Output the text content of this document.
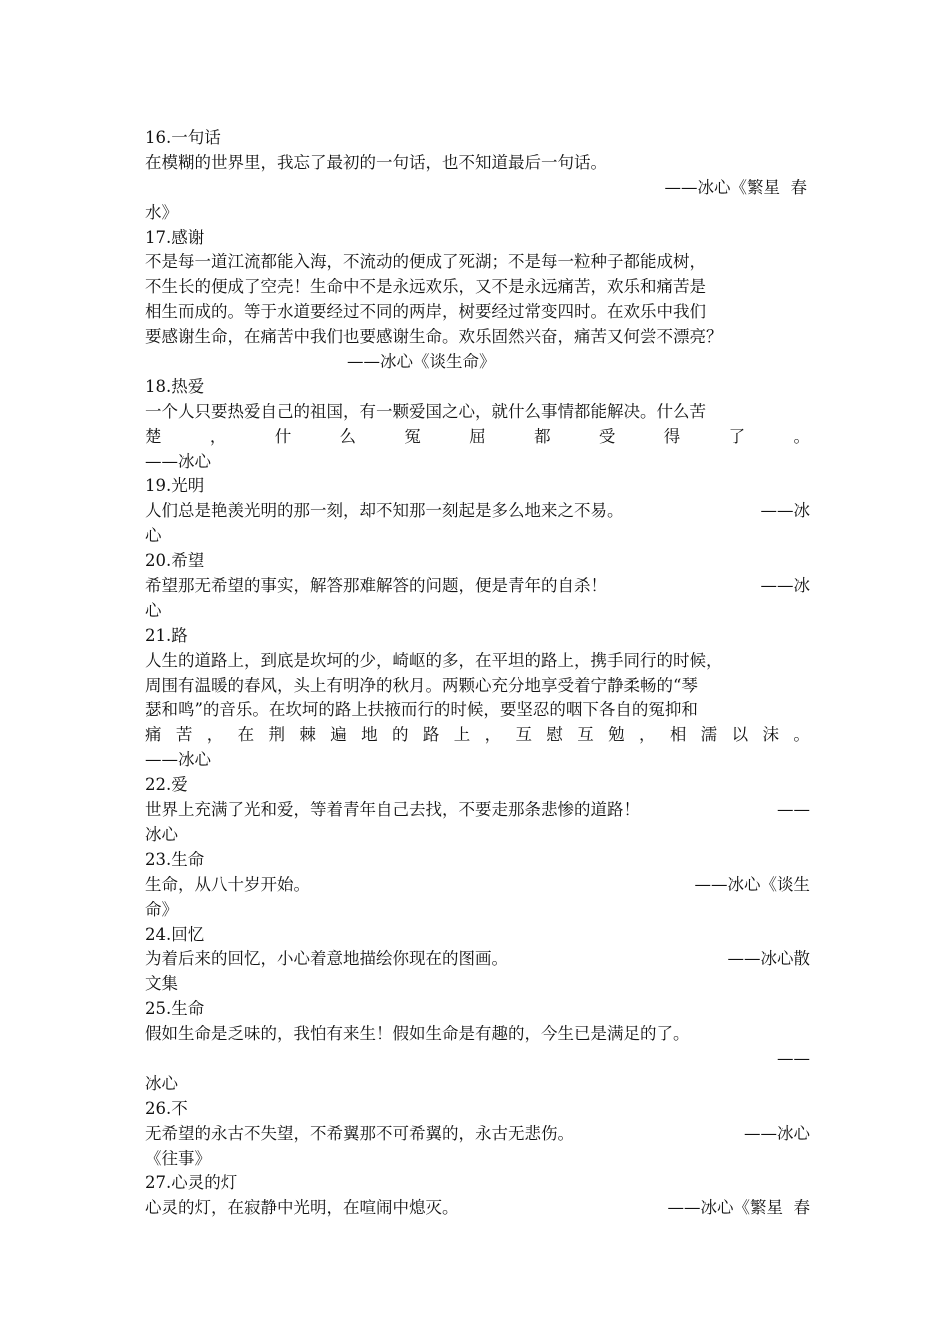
16.一句话
在模糊的世界里，我忘了最初的一句话，也不知道最后一句话。
——冰心《繁星  春
水》
17.感谢
不是每一道江流都能入海，不流动的便成了死湖；不是每一粒种子都能成树，
不生长的便成了空壳！生命中不是永远欢乐，又不是永远痛苦，欢乐和痛苦是
相生而成的。等于水道要经过不同的两岸，树要经过常变四时。在欢乐中我们
要感谢生命，在痛苦中我们也要感谢生命。欢乐固然兴奋，痛苦又何尝不漂亮？
——冰心《谈生命》
18.热爱
一个人只要热爱自己的祖国，有一颗爱国之心，就什么事情都能解决。什么苦
楚	，	什	么	冤	屈	都	受	得	了	。
——冰心
19.光明
人们总是艳羡光明的那一刻，却不知那一刻起是多么地来之不易。	——冰
心
20.希望
希望那无希望的事实，解答那难解答的问题，便是青年的自杀！	——冰
心
21.路
人生的道路上，到底是坎坷的少，崎岖的多，在平坦的路上，携手同行的时候，
周围有温暖的春风，头上有明净的秋月。两颗心充分地享受着宁静柔畅的“琴
瑟和鸣”的音乐。在坎坷的路上扶掖而行的时候，要坚忍的咽下各自的冤抑和
痛 苦 ， 在 荆 棘 遍 地 的 路 上 ， 互 慰 互 勉 ， 相 濡 以 沫 。
——冰心
22.爱
世界上充满了光和爱，等着青年自己去找，不要走那条悲惨的道路！	——
冰心
23.生命
生命，从八十岁开始。	——冰心《谈生
命》
24.回忆
为着后来的回忆，小心着意地描绘你现在的图画。	——冰心散
文集
25.生命
假如生命是乏味的，我怕有来生！假如生命是有趣的，今生已是满足的了。
——
冰心
26.不
无希望的永古不失望，不希翼那不可希翼的，永古无悲伤。	——冰心
《往事》
27.心灵的灯
心灵的灯，在寂静中光明，在喧闹中熄灭。	——冰心《繁星  春
